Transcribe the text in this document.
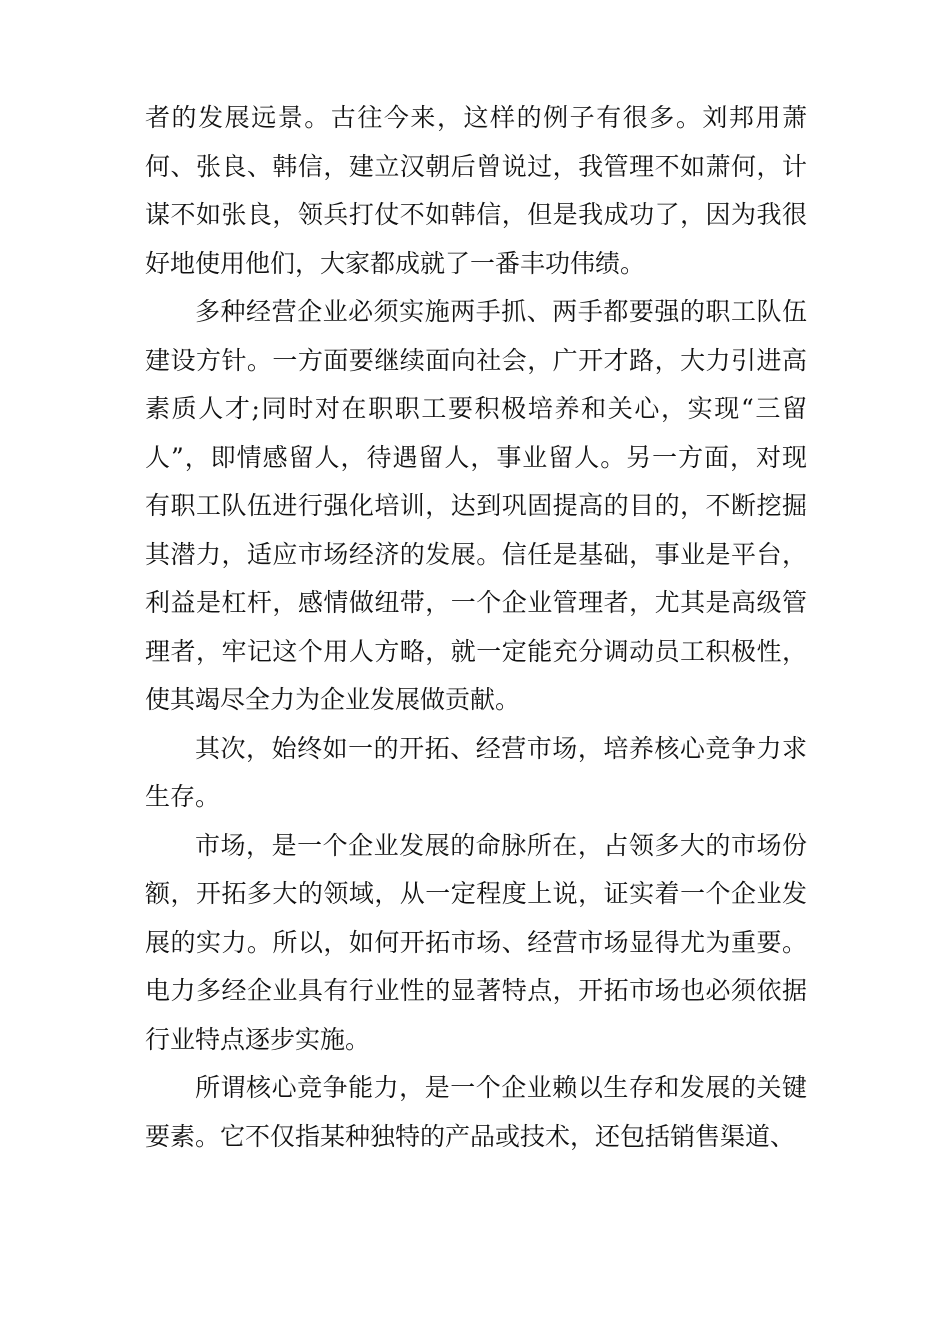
者的发展远景。古往今来，这样的例子有很多。刘邦用萧何、张良、韩信，建立汉朝后曾说过，我管理不如萧何，计谋不如张良，领兵打仗不如韩信，但是我成功了，因为我很好地使用他们，大家都成就了一番丰功伟绩。

多种经营企业必须实施两手抓、两手都要强的职工队伍建设方针。一方面要继续面向社会，广开才路，大力引进高素质人才;同时对在职职工要积极培养和关心，实现“三留人”，即情感留人，待遇留人，事业留人。另一方面，对现有职工队伍进行强化培训，达到巩固提高的目的，不断挖掘其潜力，适应市场经济的发展。信任是基础，事业是平台，利益是杠杆，感情做纽带，一个企业管理者，尤其是高级管理者，牢记这个用人方略，就一定能充分调动员工积极性，使其竭尽全力为企业发展做贡献。

其次，始终如一的开拓、经营市场，培养核心竞争力求生存。

市场，是一个企业发展的命脉所在，占领多大的市场份额，开拓多大的领域，从一定程度上说，证实着一个企业发展的实力。所以，如何开拓市场、经营市场显得尤为重要。电力多经企业具有行业性的显著特点，开拓市场也必须依据行业特点逐步实施。

所谓核心竞争能力，是一个企业赖以生存和发展的关键要素。它不仅指某种独特的产品或技术，还包括销售渠道、
